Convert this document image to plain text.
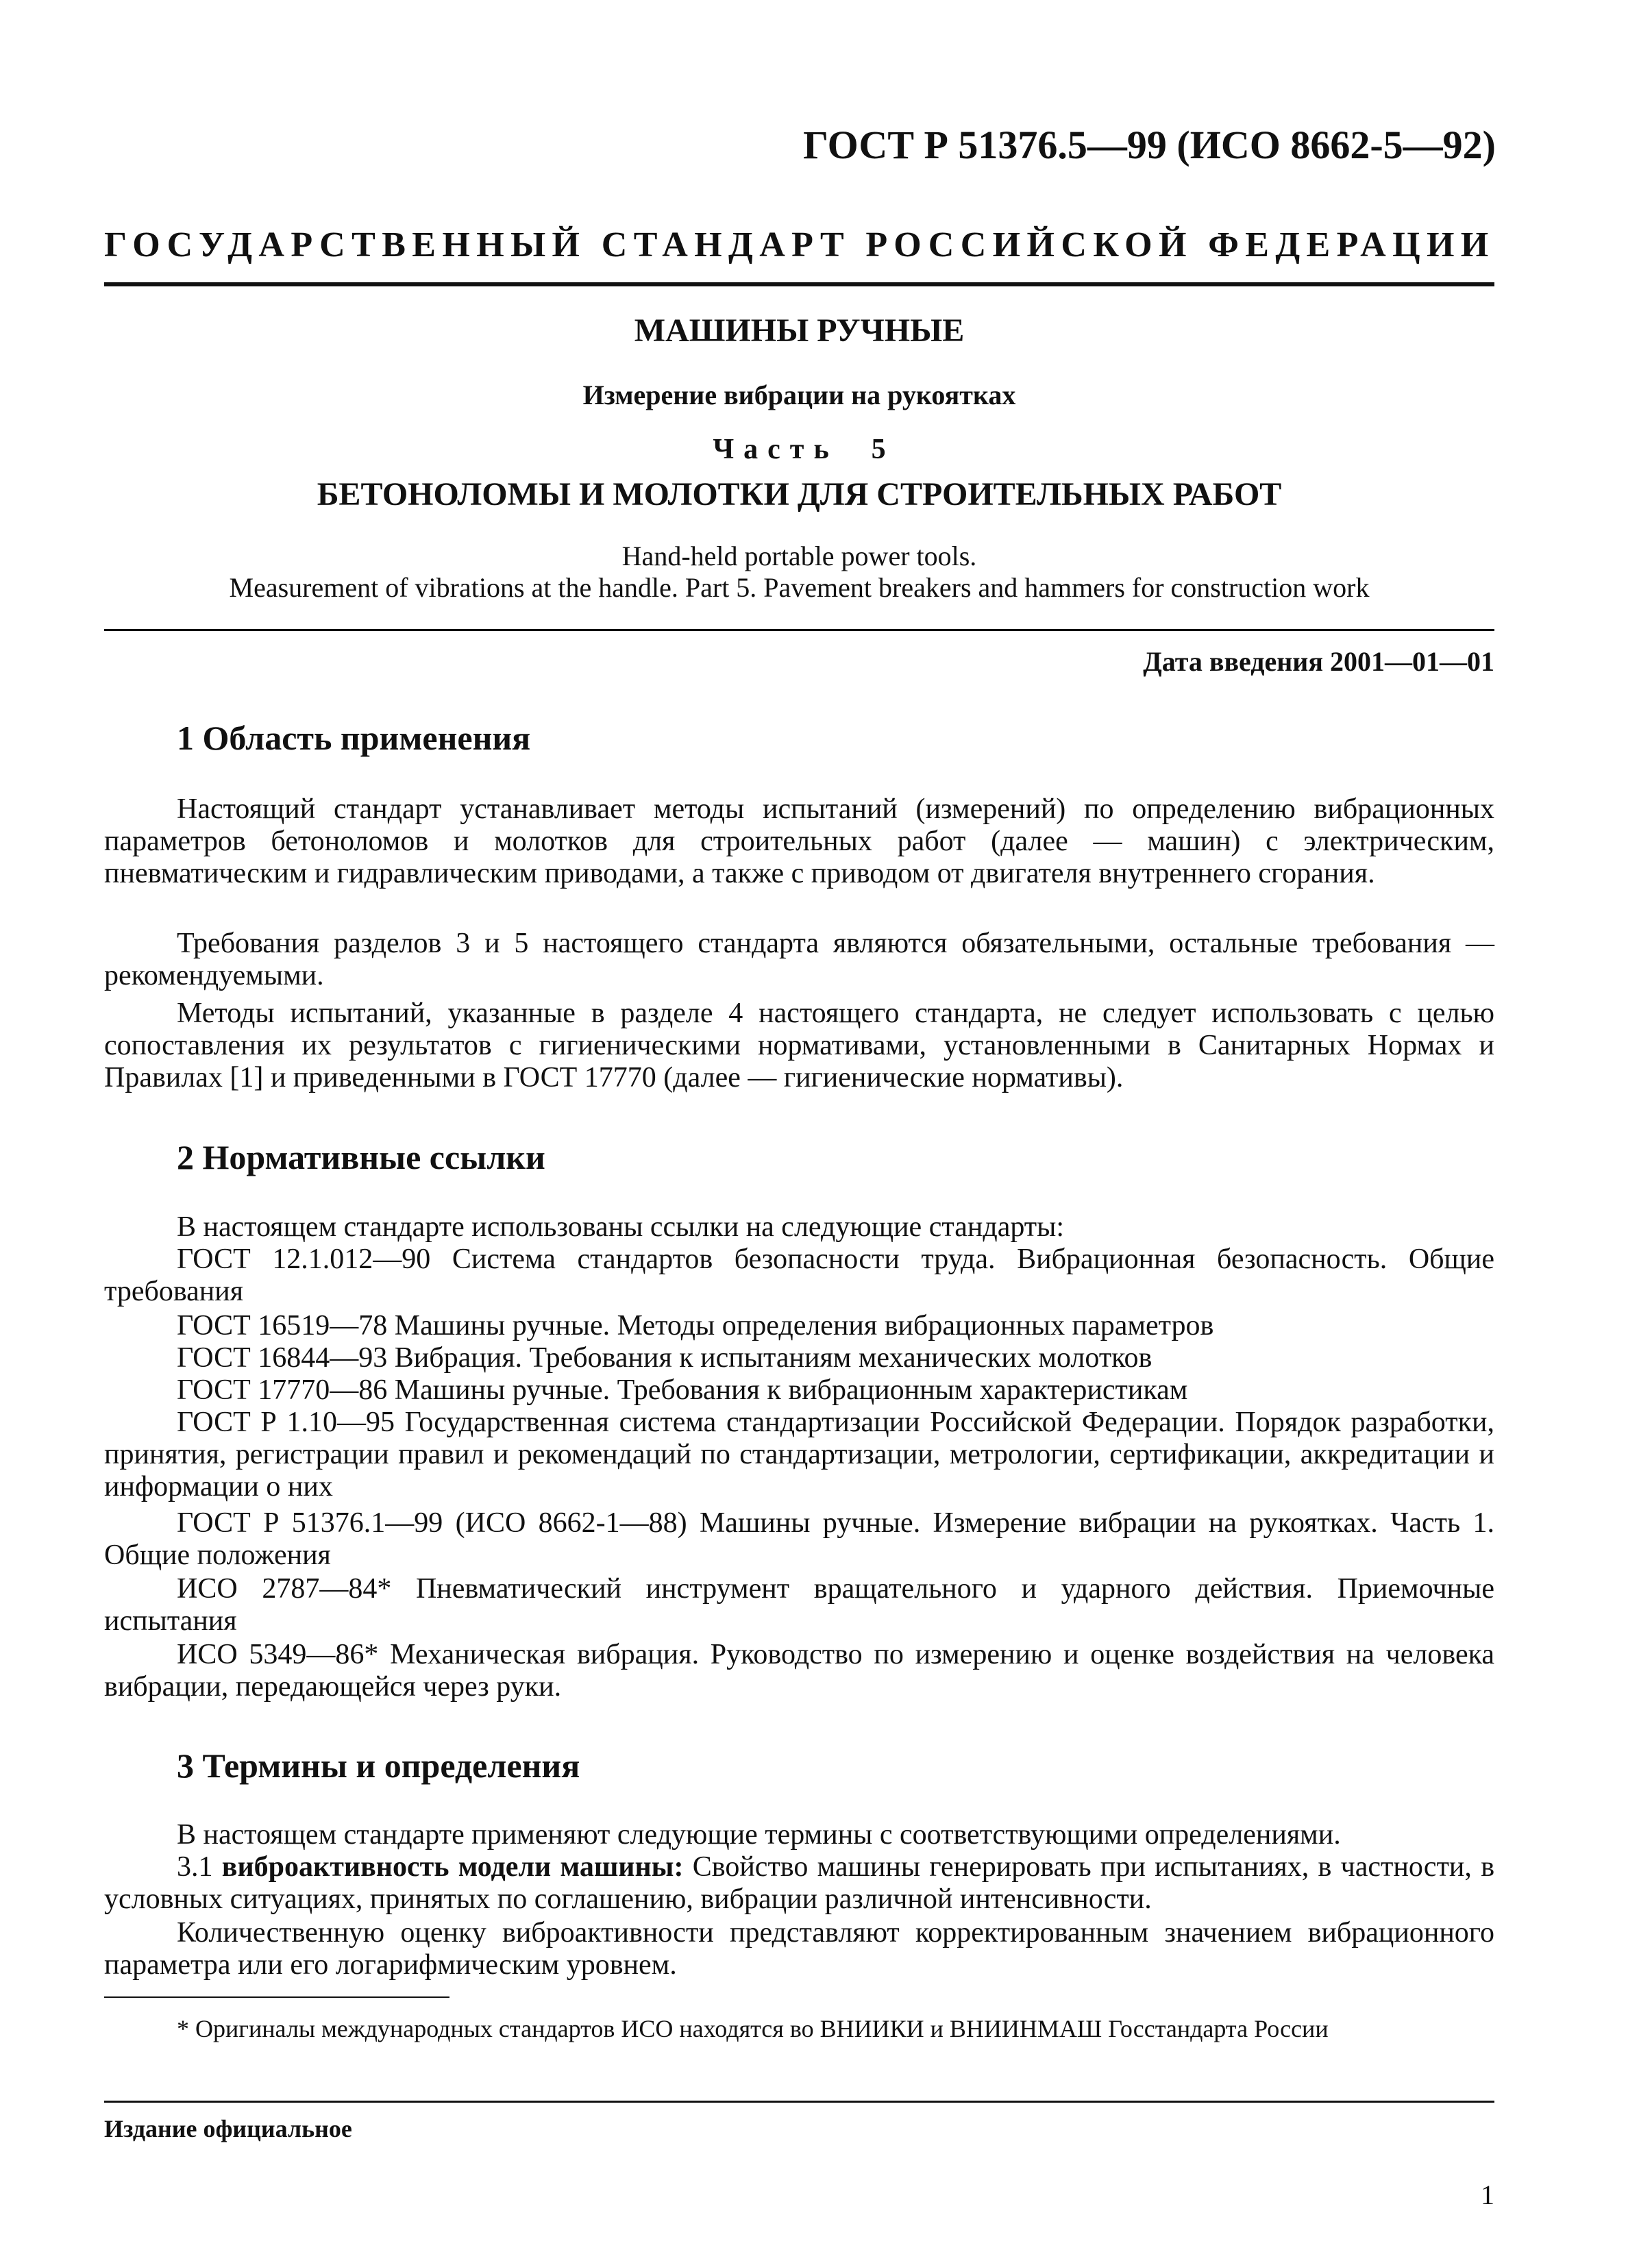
ГОСТ Р 51376.5—99 (ИСО 8662-5—92)
ГОСУДАРСТВЕННЫЙ СТАНДАРТ РОССИЙСКОЙ ФЕДЕРАЦИИ
МАШИНЫ РУЧНЫЕ
Измерение вибрации на рукоятках
Часть 5
БЕТОНОЛОМЫ И МОЛОТКИ ДЛЯ СТРОИТЕЛЬНЫХ РАБОТ
Hand-held portable power tools.
Measurement of vibrations at the handle. Part 5. Pavement breakers and hammers for construction work
Дата введения 2001—01—01
1 Область применения
Настоящий стандарт устанавливает методы испытаний (измерений) по определению вибрационных параметров бетоноломов и молотков для строительных работ (далее — машин) с электрическим, пневматическим и гидравлическим приводами, а также с приводом от двигателя внутреннего сгорания.
Требования разделов 3 и 5 настоящего стандарта являются обязательными, остальные требования — рекомендуемыми.
Методы испытаний, указанные в разделе 4 настоящего стандарта, не следует использовать с целью сопоставления их результатов с гигиеническими нормативами, установленными в Санитарных Нормах и Правилах [1] и приведенными в ГОСТ 17770 (далее — гигиенические нормативы).
2 Нормативные ссылки
В настоящем стандарте использованы ссылки на следующие стандарты:
ГОСТ 12.1.012—90 Система стандартов безопасности труда. Вибрационная безопасность. Общие требования
ГОСТ 16519—78 Машины ручные. Методы определения вибрационных параметров
ГОСТ 16844—93 Вибрация. Требования к испытаниям механических молотков
ГОСТ 17770—86 Машины ручные. Требования к вибрационным характеристикам
ГОСТ Р 1.10—95 Государственная система стандартизации Российской Федерации. Порядок разработки, принятия, регистрации правил и рекомендаций по стандартизации, метрологии, сертификации, аккредитации и информации о них
ГОСТ Р 51376.1—99 (ИСО 8662-1—88) Машины ручные. Измерение вибрации на рукоятках. Часть 1. Общие положения
ИСО 2787—84* Пневматический инструмент вращательного и ударного действия. Приемочные испытания
ИСО 5349—86* Механическая вибрация. Руководство по измерению и оценке воздействия на человека вибрации, передающейся через руки.
3 Термины и определения
В настоящем стандарте применяют следующие термины с соответствующими определениями.
3.1 виброактивность модели машины: Свойство машины генерировать при испытаниях, в частности, в условных ситуациях, принятых по соглашению, вибрации различной интенсивности.
Количественную оценку виброактивности представляют корректированным значением вибрационного параметра или его логарифмическим уровнем.
* Оригиналы международных стандартов ИСО находятся во ВНИИКИ и ВНИИНМАШ Госстандарта России
Издание официальное
1
